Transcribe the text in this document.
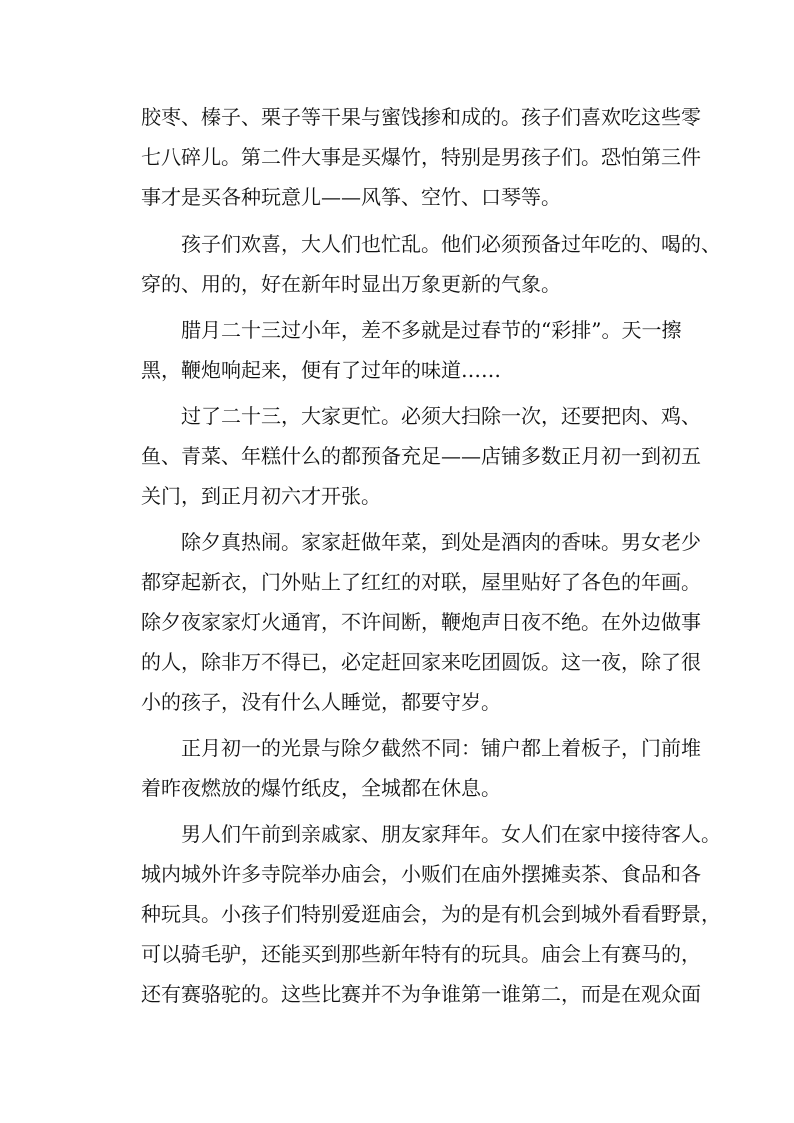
胶枣、榛子、栗子等干果与蜜饯掺和成的。孩子们喜欢吃这些零
七八碎儿。第二件大事是买爆竹，特别是男孩子们。恐怕第三件
事才是买各种玩意儿——风筝、空竹、口琴等。
孩子们欢喜，大人们也忙乱。他们必须预备过年吃的、喝的、
穿的、用的，好在新年时显出万象更新的气象。
腊月二十三过小年，差不多就是过春节的“彩排”。天一擦
黑，鞭炮响起来，便有了过年的味道……
过了二十三，大家更忙。必须大扫除一次，还要把肉、鸡、
鱼、青菜、年糕什么的都预备充足——店铺多数正月初一到初五
关门，到正月初六才开张。
除夕真热闹。家家赶做年菜，到处是酒肉的香味。男女老少
都穿起新衣，门外贴上了红红的对联，屋里贴好了各色的年画。
除夕夜家家灯火通宵，不许间断，鞭炮声日夜不绝。在外边做事
的人，除非万不得已，必定赶回家来吃团圆饭。这一夜，除了很
小的孩子，没有什么人睡觉，都要守岁。
正月初一的光景与除夕截然不同：铺户都上着板子，门前堆
着昨夜燃放的爆竹纸皮，全城都在休息。
男人们午前到亲戚家、朋友家拜年。女人们在家中接待客人。
城内城外许多寺院举办庙会，小贩们在庙外摆摊卖茶、食品和各
种玩具。小孩子们特别爱逛庙会，为的是有机会到城外看看野景，
可以骑毛驴，还能买到那些新年特有的玩具。庙会上有赛马的，
还有赛骆驼的。这些比赛并不为争谁第一谁第二，而是在观众面
